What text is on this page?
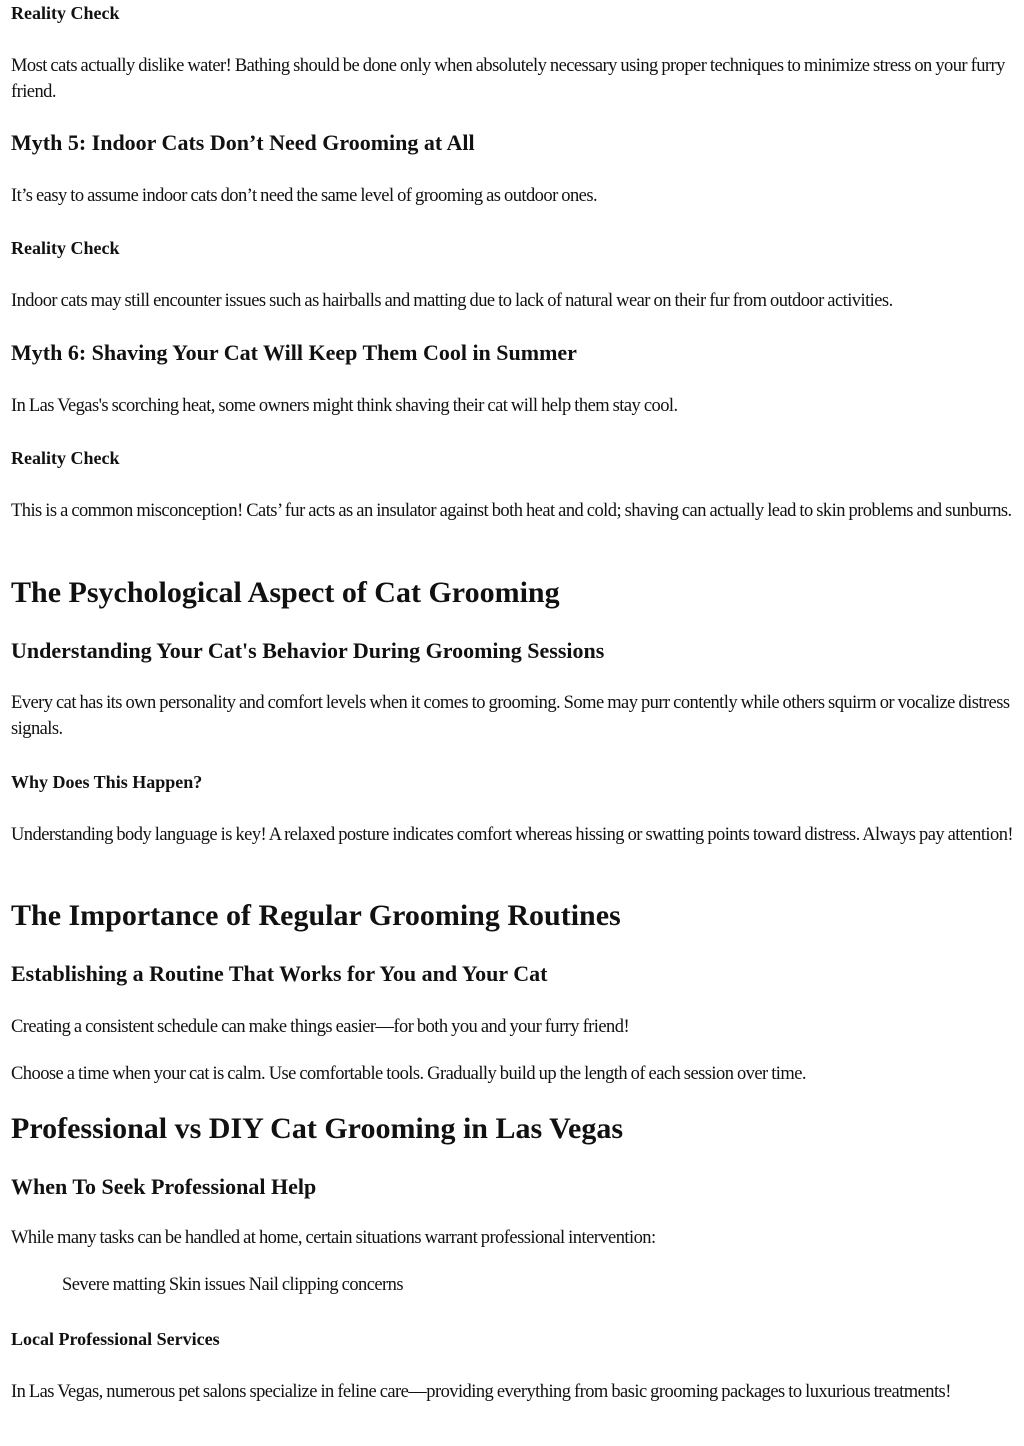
Reality Check

Most cats actually dislike water! Bathing should be done only when absolutely necessary using proper techniques to minimize stress on your furry friend.

Myth 5: Indoor Cats Don’t Need Grooming at All

It’s easy to assume indoor cats don’t need the same level of grooming as outdoor ones.

Reality Check

Indoor cats may still encounter issues such as hairballs and matting due to lack of natural wear on their fur from outdoor activities.

Myth 6: Shaving Your Cat Will Keep Them Cool in Summer

In Las Vegas's scorching heat, some owners might think shaving their cat will help them stay cool.

Reality Check

This is a common misconception! Cats’ fur acts as an insulator against both heat and cold; shaving can actually lead to skin problems and sunburns.

The Psychological Aspect of Cat Grooming
Understanding Your Cat's Behavior During Grooming Sessions

Every cat has its own personality and comfort levels when it comes to grooming. Some may purr contently while others squirm or vocalize distress signals.

Why Does This Happen?

Understanding body language is key! A relaxed posture indicates comfort whereas hissing or swatting points toward distress. Always pay attention!

The Importance of Regular Grooming Routines
Establishing a Routine That Works for You and Your Cat

Creating a consistent schedule can make things easier—for both you and your furry friend!

Choose a time when your cat is calm. Use comfortable tools. Gradually build up the length of each session over time.

Professional vs DIY Cat Grooming in Las Vegas
When To Seek Professional Help

While many tasks can be handled at home, certain situations warrant professional intervention:

Severe matting Skin issues Nail clipping concerns

Local Professional Services

In Las Vegas, numerous pet salons specialize in feline care—providing everything from basic grooming packages to luxurious treatments!
